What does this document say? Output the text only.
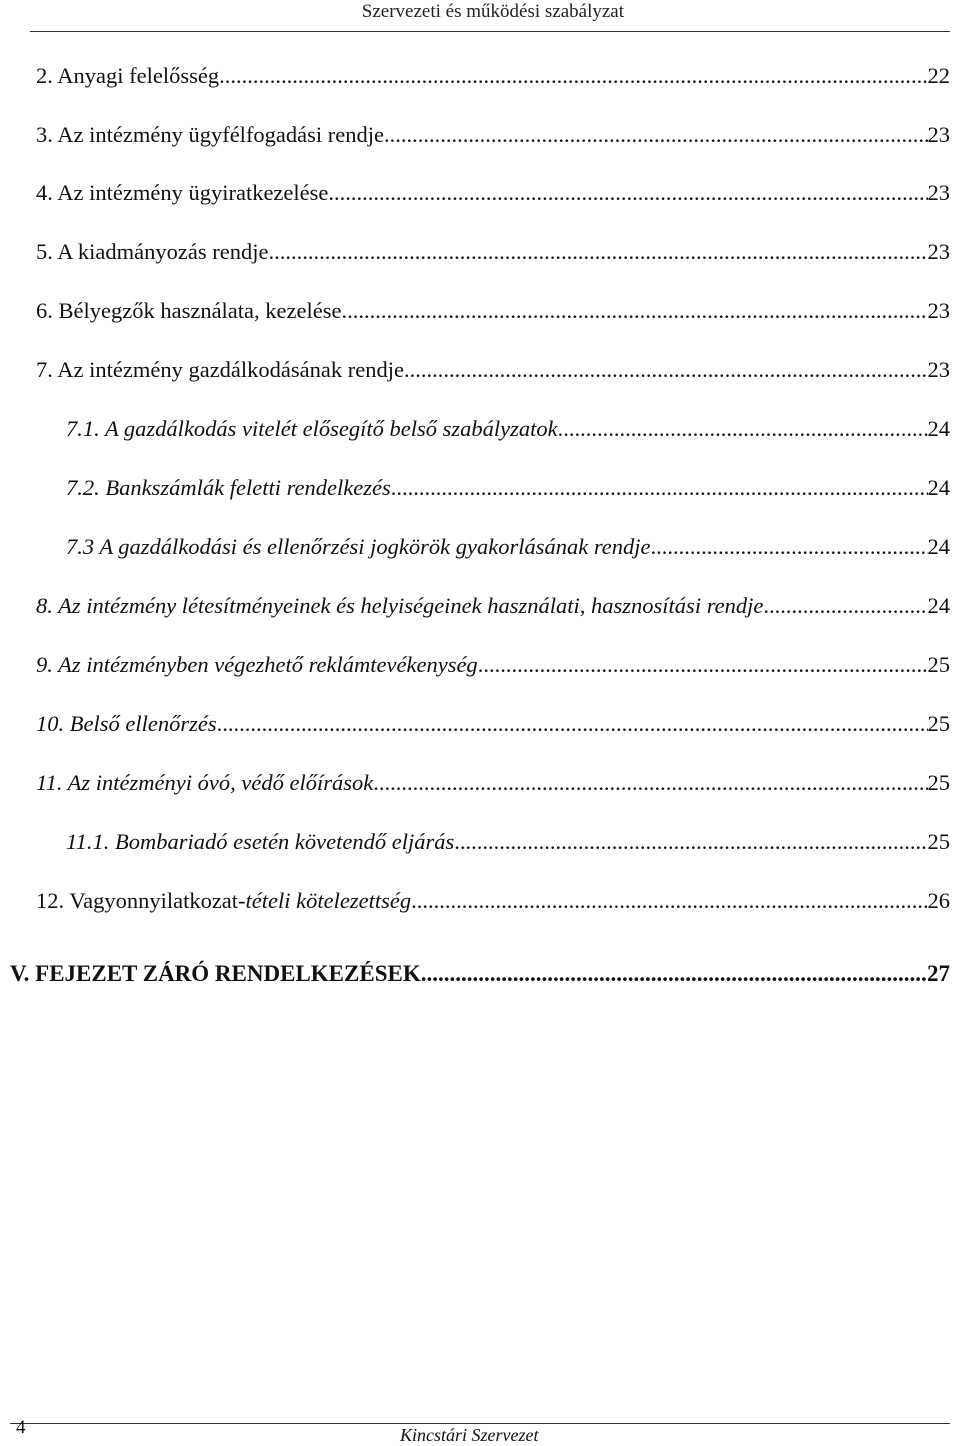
Szervezeti és működési szabályzat
2. Anyagi felelősség .....	22
3. Az intézmény ügyfélfogadási rendje .....	23
4. Az intézmény ügyiratkezelése .....	23
5. A kiadmányozás rendje .....	23
6. Bélyegzők használata, kezelése .....	23
7. Az intézmény gazdálkodásának rendje .....	23
7.1. A gazdálkodás vitelét elősegítő belső szabályzatok .....	24
7.2. Bankszámlák feletti rendelkezés .....	24
7.3 A gazdálkodási és ellenőrzési jogkörök gyakorlásának rendje .....	24
8. Az intézmény létesítményeinek és helyiségeinek használati, hasznosítási rendje .....	24
9. Az intézményben végezhető reklámtevékenység .....	25
10. Belső ellenőrzés .....	25
11. Az intézményi óvó, védő előírások .....	25
11.1. Bombariadó esetén követendő eljárás .....	25
12. Vagyonnyilatkozat- tételi kötelezettség .....	26
V. FEJEZET ZÁRÓ RENDELKEZÉSEK .....	27
4	Kincstári Szervezet
